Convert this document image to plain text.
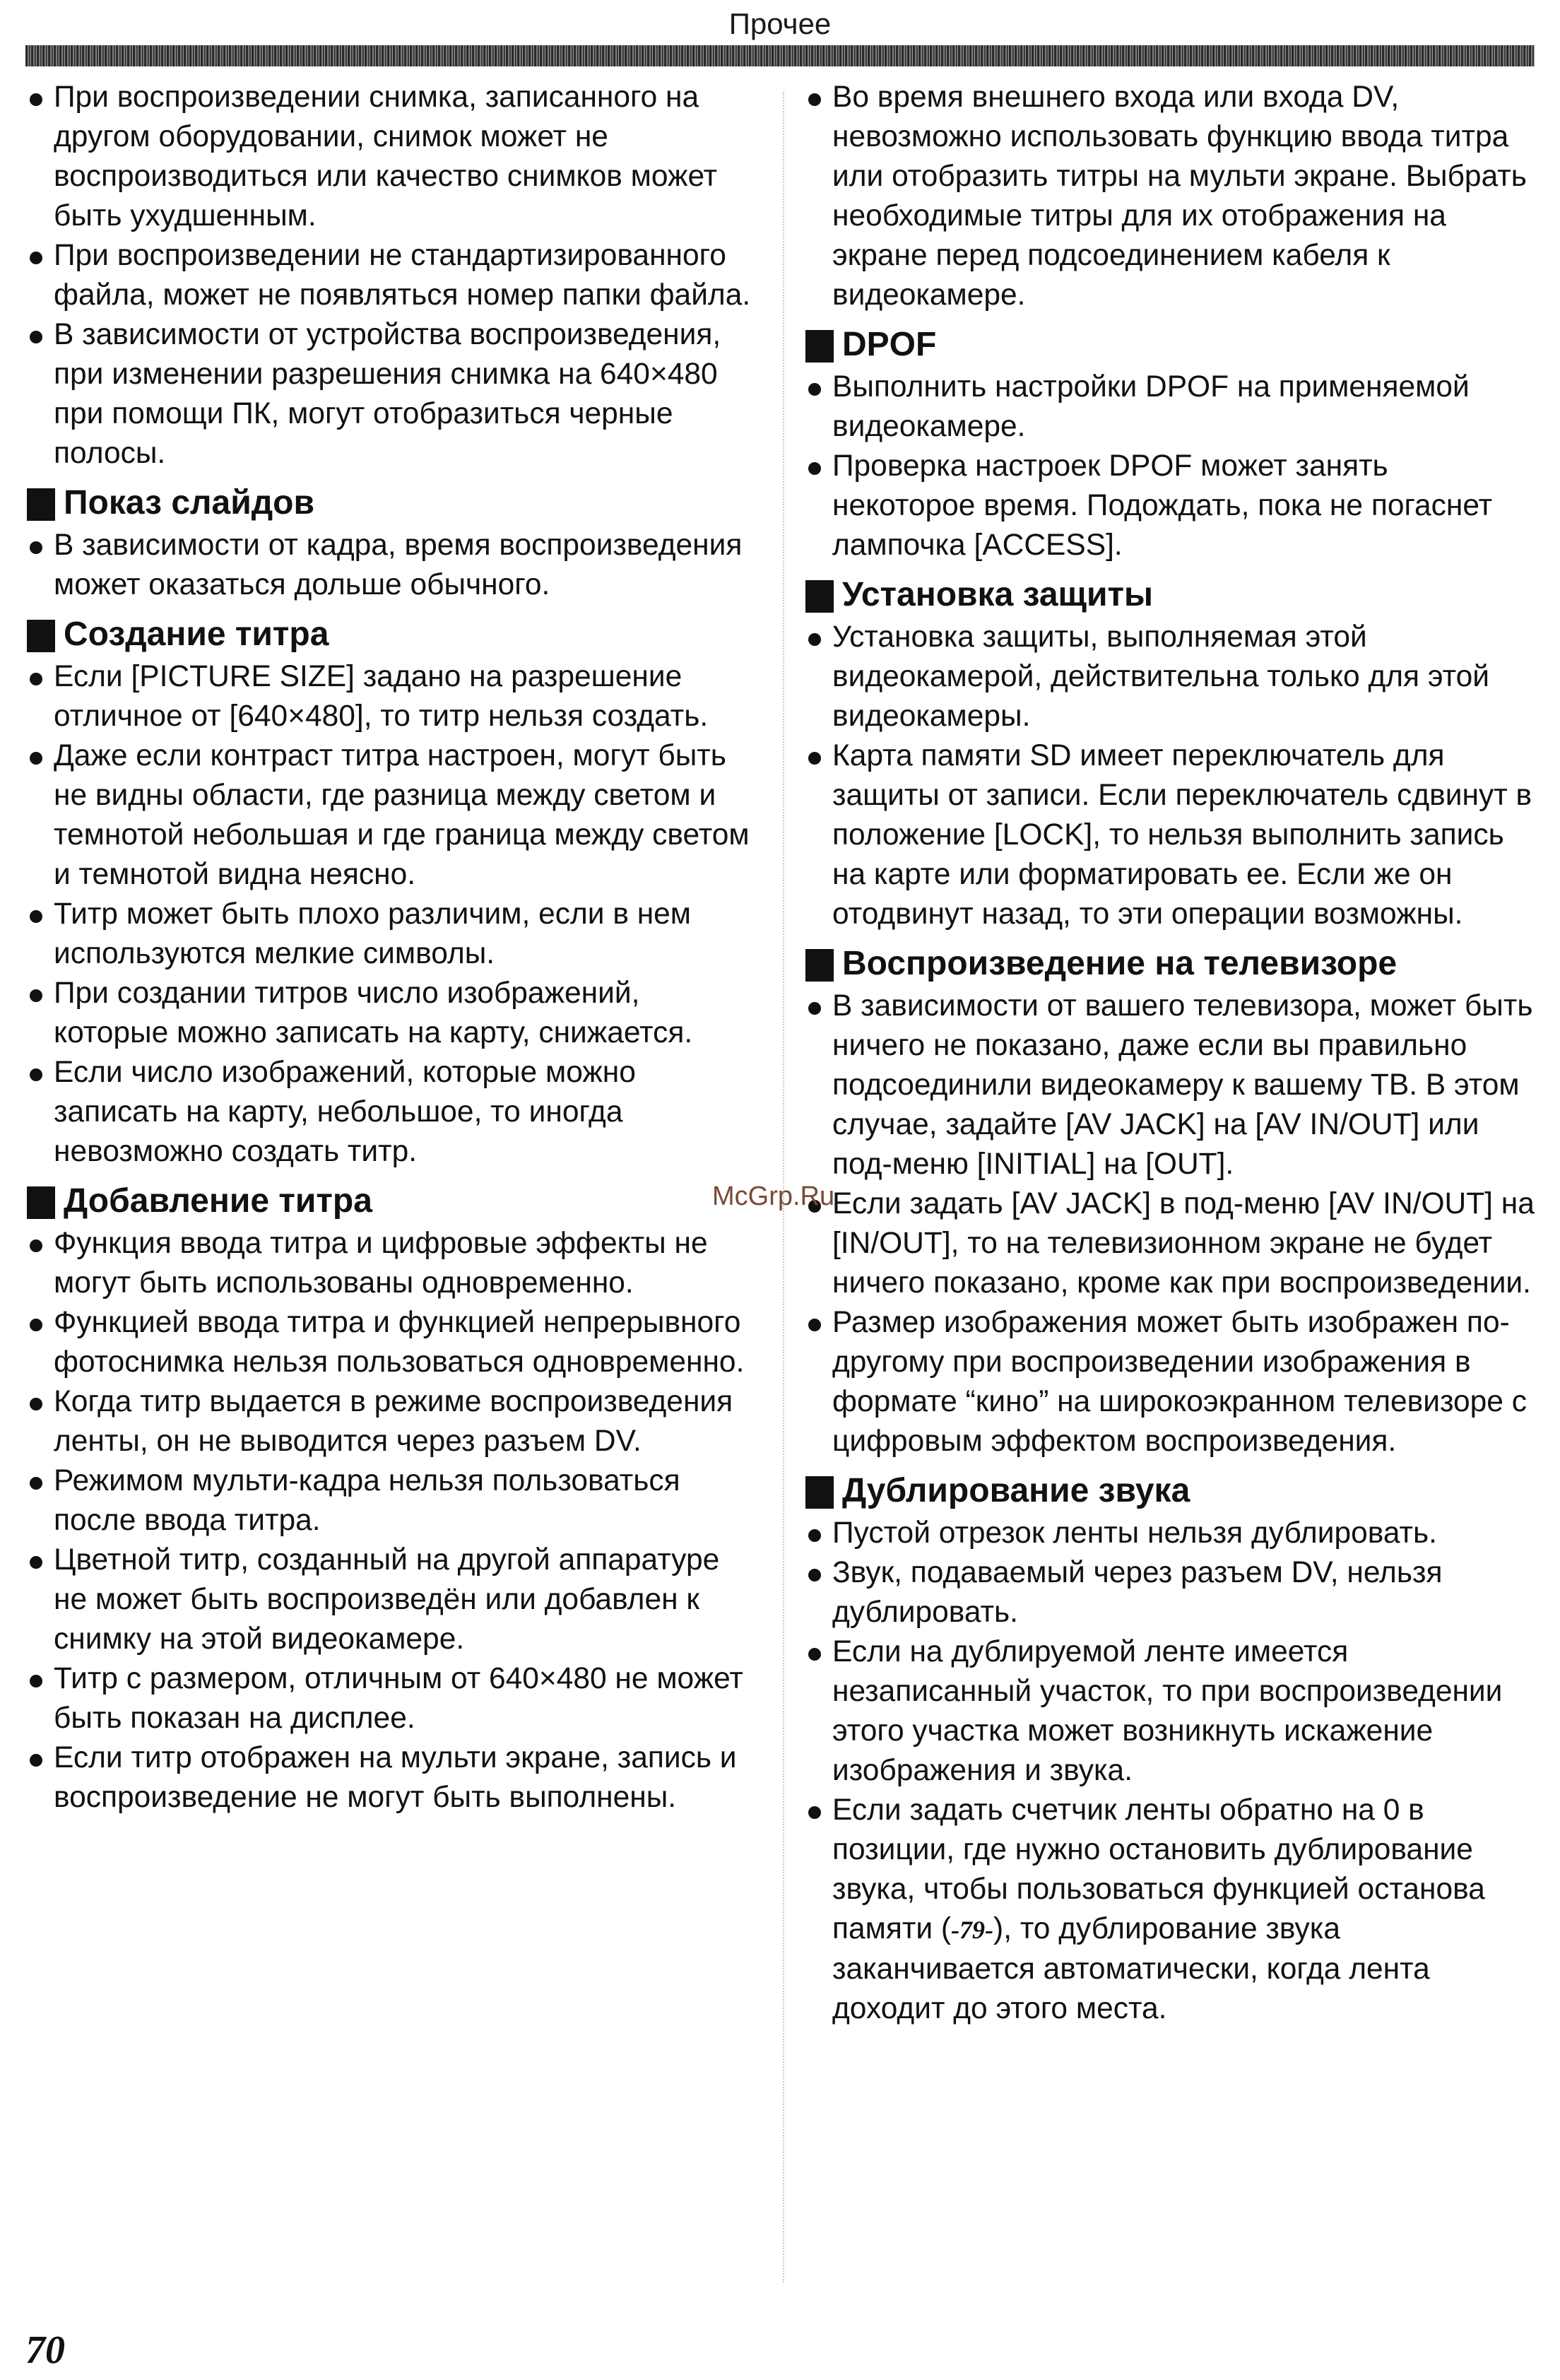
Прочее
При воспроизведении снимка, записанного на другом оборудовании, снимок может не воспроизводиться или качество снимков может быть ухудшенным.
При воспроизведении не стандартизированного файла, может не появляться номер папки файла.
В зависимости от устройства воспроизведения, при изменении разрешения снимка на 640×480 при помощи ПК, могут отобразиться черные полосы.
Показ слайдов
В зависимости от кадра, время воспроизведения может оказаться дольше обычного.
Создание титра
Если [PICTURE SIZE] задано на разрешение отличное от [640×480], то титр нельзя создать.
Даже если контраст титра настроен, могут быть не видны области, где разница между светом и темнотой небольшая и где граница между светом и темнотой видна неясно.
Титр может быть плохо различим, если в нем используются мелкие символы.
При создании титров число изображений, которые можно записать на карту, снижается.
Если число изображений, которые можно записать на карту, небольшое, то иногда невозможно создать титр.
Добавление титра
Функция ввода титра и цифровые эффекты не могут быть использованы одновременно.
Функцией ввода титра и функцией непрерывного фотоснимка нельзя пользоваться одновременно.
Когда титр выдается в режиме воспроизведения ленты, он не выводится через разъем DV.
Режимом мульти-кадра нельзя пользоваться после ввода титра.
Цветной титр, созданный на другой аппаратуре не может быть воспроизведён или добавлен к снимку на этой видеокамере.
Титр с размером, отличным от 640×480 не может быть показан на дисплее.
Если титр отображен на мульти экране, запись и воспроизведение не могут быть выполнены.
Во время внешнего входа или входа DV, невозможно использовать функцию ввода титра или отобразить титры на мульти экране. Выбрать необходимые титры для их отображения на экране перед подсоединением кабеля к видеокамере.
DPOF
Выполнить настройки DPOF на применяемой видеокамере.
Проверка настроек DPOF может занять некоторое время. Подождать, пока не погаснет лампочка [ACCESS].
Установка защиты
Установка защиты, выполняемая этой видеокамерой, действительна только для этой видеокамеры.
Карта памяти SD имеет переключатель для защиты от записи. Если переключатель сдвинут в положение [LOCK], то нельзя выполнить запись на карте или форматировать ее. Если же он отодвинут назад, то эти операции возможны.
Воспроизведение на телевизоре
В зависимости от вашего телевизора, может быть ничего не показано, даже если вы правильно подсоединили видеокамеру к вашему ТВ. В этом случае, задайте [AV JACK] на [AV IN/OUT] или под-меню [INITIAL] на [OUT].
Если задать [AV JACK] в под-меню [AV IN/OUT] на [IN/OUT], то на телевизионном экране не будет ничего показано, кроме как при воспроизведении.
Размер изображения может быть изображен по-другому при воспроизведении изображения в формате “кино” на широкоэкранном телевизоре с цифровым эффектом воспроизведения.
Дублирование звука
Пустой отрезок ленты нельзя дублировать.
Звук, подаваемый через разъем DV, нельзя дублировать.
Если на дублируемой ленте имеется незаписанный участок, то при воспроизведении этого участка может возникнуть искажение изображения и звука.
Если задать счетчик ленты обратно на 0 в позиции, где нужно остановить дублирование звука, чтобы пользоваться функцией останова памяти (-79-), то дублирование звука заканчивается автоматически, когда лента доходит до этого места.
McGrp.Ru
70
